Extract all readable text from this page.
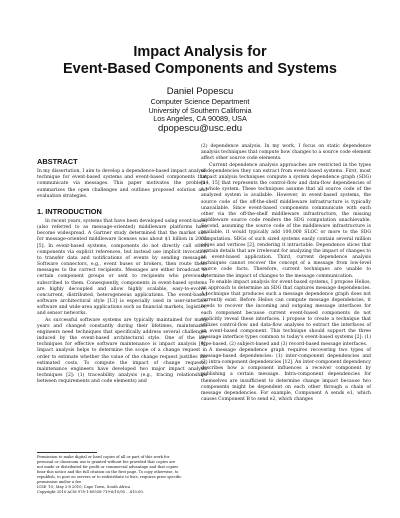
Impact Analysis for
Event-Based Components and Systems
Daniel Popescu
Computer Science Department
University of Southern California
Los Angeles, CA 90089, USA
dpopescu@usc.edu
ABSTRACT

In my dissertation, I aim to develop a dependence-based impact analysis technique for event-based systems and event-based components that communicate via messages. This paper motivates the problem, summarizes the open challenges and outlines proposed solution and evaluation strategies.

1. INTRODUCTION

In recent years, systems that have been developed using event-based (also referred to as message-oriented) middleware platforms have become widespread. A Gartner study determined that the market size for message-oriented middleware licenses was about $1 billion in 2005 [5]. In event-based systems, components do not directly call other components via explicit references, but instead use implicit invocation to transfer data and notifications of events by sending messages. Software connectors, e.g., event buses or brokers, then route these messages to the correct recipients. Messages are either broadcast to certain component groups or sent to recipients who previously subscribed to them. Consequently, components in event-based systems are highly decoupled and allow highly scalable, easy-to-evolve, concurrent, distributed, heterogeneous applications. The event-based software architectural style [13] is especially used in user-interface software and wide-area applications such as financial markets, logistics, and sensor networks.

As successful software systems are typically maintained for many years and changed constantly during their lifetimes, maintenance engineers need techniques that specifically address several challenges induced by the event-based architectural style. One of the key techniques for effective software maintenance is impact analysis [4]. Impact analysis helps to determine the scope of a change request in order to estimate whether the value of the change request justifies the estimated costs. To compute the impact of change requests, maintenance engineers have developed two major impact analysis techniques [2]: (1) traceability analysis (e.g., tracing relationships between requirements and code elements) and

(2) dependence analysis. In my work, I focus on static dependence analysis techniques that compute how changes to a source code element affect other source code elements.

Current dependence analysis approaches are restricted in the types of dependencies they can extract from event-based systems. First, most impact analysis techniques compute a system dependence graph (SDG) [14, 15] that represents the control-flow and data-flow dependencies of a whole system. These techniques assume that all source code of the analyzed system is available. However, in event-based systems, the source code of the off-the-shelf middleware infrastructure is typically unavailable. Since event-based components communicate with each other via the off-the-shelf middleware infrastructure, the missing middleware source code renders the SDG computation unachievable. Second, assuming the source code of the middleware infrastructure is available, it would typically add 100,000 SLOC or more to the SDG computation. SDGs of such sized systems easily contain several million edges and vertices [2], rendering it intractable. Dependence slices that contain details that are irrelevant for analyzing the impact of changes to an event-based application. Third, current dependence analysis techniques cannot recover the concept of a message from low-level source code facts. Therefore, current techniques are unable to determine the impact of changes to the message communication.

To enable impact analysis for event-based systems, I propose Helios, an approach to determine an SDG that captures message dependencies. A technique that produces such a message dependence graph does not currently exist. Before Helios can compute message dependencies, it needs to recover the incoming and outgoing message interfaces for each component because current event-based components do not explicitly reveal these interfaces. I propose to create a technique that utilizes control-flow and data-flow analyses to extract the interfaces of an event-based component. This technique should support the three message interface types common to today's event-based systems [2]: (1) type-based, (2) subject-based and (3) record-based message interfaces.

A message dependence graph requires recovering two types of message-based dependencies: (1) inter-component dependencies and (2) intra-component dependencies [12]. An inter-component dependency describes how a component influences a receiver component by publishing a certain message. Intra-component dependencies for themselves are insufficient to determine change impact because two components might be dependent on each other through a chain of message dependencies. For example, Component A sends e1, which causes Component B to send e2, which changes

Permission to make digital or hard copies of all or part of this work for
personal or classroom use is granted without fee provided that copies are
not made or distributed for profit or commercial advantage and that copies
bear this notice and the full citation on the first page. To copy otherwise, to
republish, to post on servers or to redistribute to lists, requires prior specific
permission and/or a fee.
ICSE '10, May 2-8 2010, Cape Town, South Africa
Copyright 2010 ACM 978-1-60558-719-6/10/05 ...$10.00.
